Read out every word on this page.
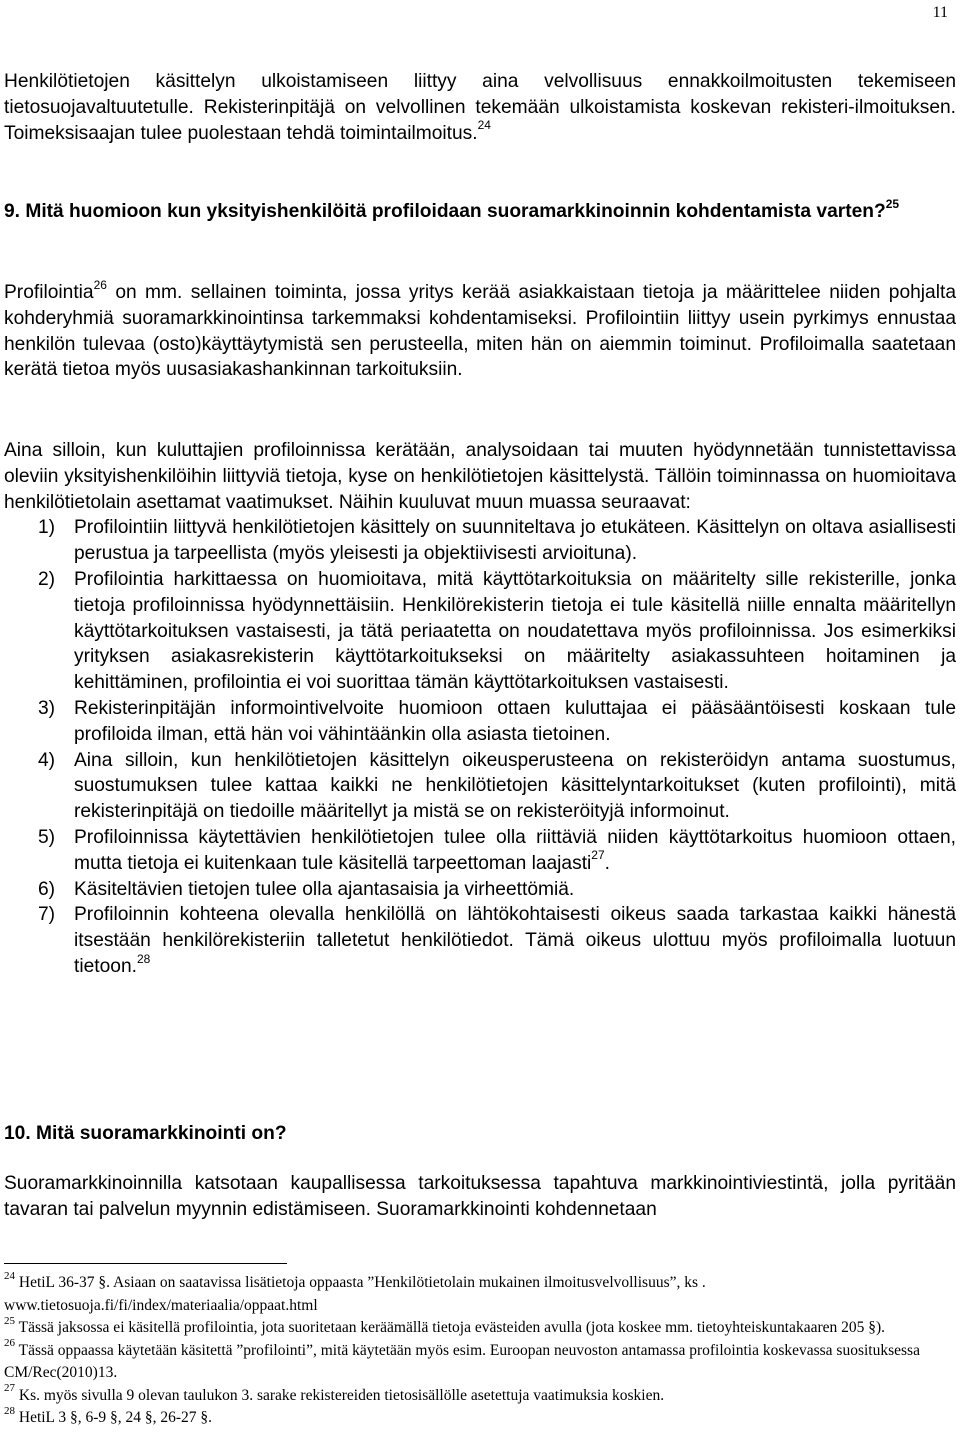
11

Henkilötietojen käsittelyn ulkoistamiseen liittyy aina velvollisuus ennakkoilmoitusten tekemiseen tietosuojavaltuutetulle. Rekisterinpitäjä on velvollinen tekemään ulkoistamista koskevan rekisteri-ilmoituksen. Toimeksisaajan tulee puolestaan tehdä toimintailmoitus.$^{24}$

9. Mitä huomioon kun yksityishenkilöitä profiloidaan suoramarkkinoinnin kohdentamista varten?$^{25}$

Profilointia$^{26}$ on mm. sellainen toiminta, jossa yritys kerää asiakkaistaan tietoja ja määrittelee niiden pohjalta kohderyhmiä suoramarkkinointinsa tarkemmaksi kohdentamiseksi. Profilointiin liittyy usein pyrkimys ennustaa henkilön tulevaa (osto)käyttäytymistä sen perusteella, miten hän on aiemmin toiminut. Profiloimalla saatetaan kerätä tietoa myös uusasiakashankinnan tarkoituksiin.

Aina silloin, kun kuluttajien profiloinnissa kerätään, analysoidaan tai muuten hyödynnetään tunnistettavissa oleviin yksityishenkilöihin liittyviä tietoja, kyse on henkilötietojen käsittelystä. Tällöin toiminnassa on huomioitava henkilötietolain asettamat vaatimukset. Näihin kuuluvat muun muassa seuraavat:

1) Profilointiin liittyvä henkilötietojen käsittely on suunniteltava jo etukäteen. Käsittelyn on oltava asiallisesti perustua ja tarpeellista (myös yleisesti ja objektiivisesti arvioituna).
2) Profilointia harkittaessa on huomioitava, mitä käyttötarkoituksia on määritelty sille rekisterille, jonka tietoja profiloinnissa hyödynnettäisiin. Henkilörekisterin tietoja ei tule käsitellä niille ennalta määritellyn käyttötarkoituksen vastaisesti, ja tätä periaatetta on noudatettava myös profiloinnissa. Jos esimerkiksi yrityksen asiakasrekisterin käyttötarkoitukseksi on määritelty asiakassuhteen hoitaminen ja kehittäminen, profilointia ei voi suorittaa tämän käyttötarkoituksen vastaisesti.
3) Rekisterinpitäjän informointivelvoite huomioon ottaen kuluttajaa ei pääsääntöisesti koskaan tule profiloida ilman, että hän voi vähintäänkin olla asiasta tietoinen.
4) Aina silloin, kun henkilötietojen käsittelyn oikeusperusteena on rekisteröidyn antama suostumus, suostumuksen tulee kattaa kaikki ne henkilötietojen käsittelyntarkoitukset (kuten profilointi), mitä rekisterinpitäjä on tiedoille määritellyt ja mistä se on rekisteröityjä informoinut.
5) Profiloinnissa käytettävien henkilötietojen tulee olla riittäviä niiden käyttötarkoitus huomioon ottaen, mutta tietoja ei kuitenkaan tule käsitellä tarpeettoman laajasti$^{27}$.
6) Käsiteltävien tietojen tulee olla ajantasaisia ja virheettömiä.
7) Profiloinnin kohteena olevalla henkilöllä on lähtökohtaisesti oikeus saada tarkastaa kaikki hänestä itsestään henkilörekisteriin talletetut henkilötiedot. Tämä oikeus ulottuu myös profiloimalla luotuun tietoon.$^{28}$

10. Mitä suoramarkkinointi on?

Suoramarkkinoinnilla katsotaan kaupallisessa tarkoituksessa tapahtuva markkinointiviestintä, jolla pyritään tavaran tai palvelun myynnin edistämiseen. Suoramarkkinointi kohdennetaan

$^{24}$ HetiL 36-37 §. Asiaan on saatavissa lisätietoja oppaasta ”Henkilötietolain mukainen ilmoitusvelvollisuus”, ks . www.tietosuoja.fi/fi/index/materiaalia/oppaat.html
$^{25}$ Tässä jaksossa ei käsitellä profilointia, jota suoritetaan keräämällä tietoja evästeiden avulla (jota koskee mm. tietoyhteiskuntakaaren 205 §).
$^{26}$ Tässä oppaassa käytetään käsitettä ”profilointi”, mitä käytetään myös esim. Euroopan neuvoston antamassa profilointia koskevassa suosituksessa CM/Rec(2010)13.
$^{27}$ Ks. myös sivulla 9 olevan taulukon 3. sarake rekistereiden tietosisällölle asetettuja vaatimuksia koskien.
$^{28}$ HetiL 3 §, 6-9 §, 24 §, 26-27 §.
